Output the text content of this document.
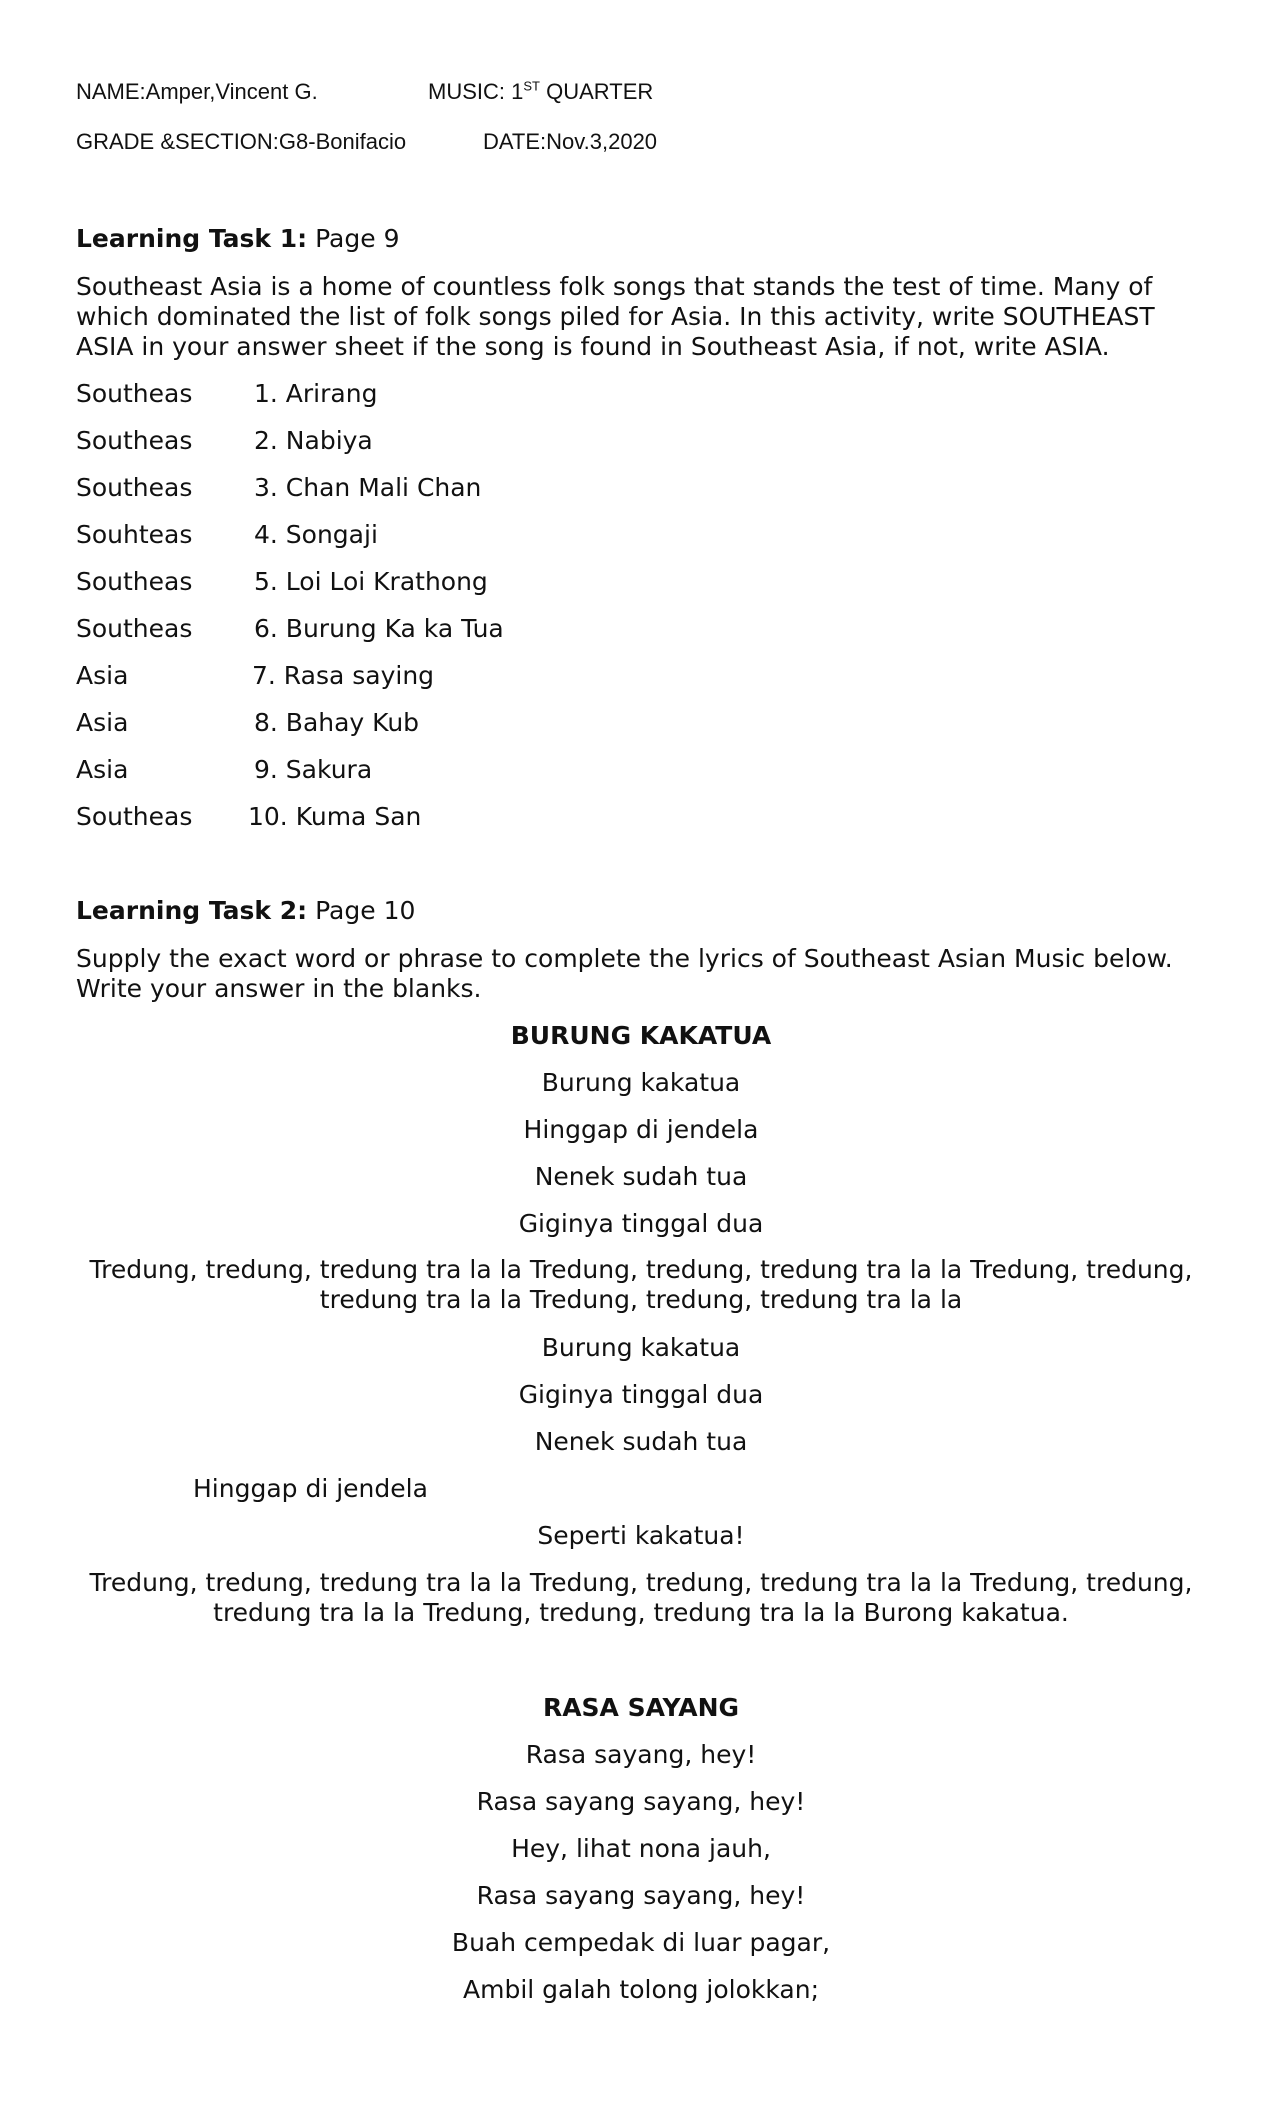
NAME:Amper,Vincent G.	MUSIC: 1ST QUARTER
GRADE &SECTION:G8-Bonifacio	DATE:Nov.3,2020
Learning Task 1: Page 9
Southeast Asia is a home of countless folk songs that stands the test of time. Many of which dominated the list of folk songs piled for Asia. In this activity, write SOUTHEAST ASIA in your answer sheet if the song is found in Southeast Asia, if not, write ASIA.
Southeas 1. Arirang
Southeas 2. Nabiya
Southeas 3. Chan Mali Chan
Souhteas 4. Songaji
Southeas 5. Loi Loi Krathong
Southeas 6. Burung Ka ka Tua
Asia	7. Rasa saying
Asia	8. Bahay Kub
Asia	9. Sakura
Southeas 10. Kuma San
Learning Task 2: Page 10
Supply the exact word or phrase to complete the lyrics of Southeast Asian Music below. Write your answer in the blanks.
BURUNG KAKATUA
Burung kakatua
Hinggap di jendela
Nenek sudah tua
Giginya tinggal dua
Tredung, tredung, tredung tra la la Tredung, tredung, tredung tra la la Tredung, tredung, tredung tra la la Tredung, tredung, tredung tra la la
Burung kakatua
Giginya tinggal dua
Nenek sudah tua
Hinggap di jendela
Seperti kakatua!
Tredung, tredung, tredung tra la la Tredung, tredung, tredung tra la la Tredung, tredung, tredung tra la la Tredung, tredung, tredung tra la la Burong kakatua.
RASA SAYANG
Rasa sayang, hey!
Rasa sayang sayang, hey!
Hey, lihat nona jauh,
Rasa sayang sayang, hey!
Buah cempedak di luar pagar,
Ambil galah tolong jolokkan;
